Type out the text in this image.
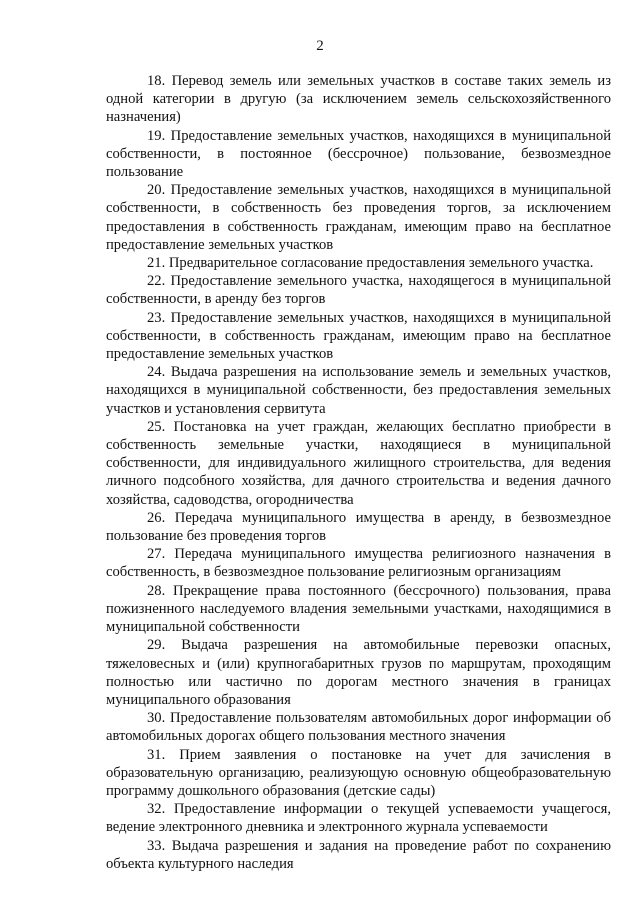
2

18. Перевод земель или земельных участков в составе таких земель из одной категории в другую (за исключением земель сельскохозяйственного назначения)

19. Предоставление земельных участков, находящихся в муниципальной собственности, в постоянное (бессрочное) пользование, безвозмездное пользование

20. Предоставление земельных участков, находящихся в муниципальной собственности, в собственность без проведения торгов, за исключением предоставления в собственность гражданам, имеющим право на бесплатное предоставление земельных участков

21. Предварительное согласование предоставления земельного участка.

22. Предоставление земельного участка, находящегося в муниципальной собственности, в аренду без торгов

23. Предоставление земельных участков, находящихся в муниципальной собственности, в собственность гражданам, имеющим право на бесплатное предоставление земельных участков

24. Выдача разрешения на использование земель и земельных участков, находящихся в муниципальной собственности, без предоставления земельных участков и установления сервитута

25. Постановка на учет граждан, желающих бесплатно приобрести в собственность земельные участки, находящиеся в муниципальной собственности, для индивидуального жилищного строительства, для ведения личного подсобного хозяйства, для дачного строительства и ведения дачного хозяйства, садоводства, огородничества

26. Передача муниципального имущества в аренду, в безвозмездное пользование без проведения торгов

27. Передача муниципального имущества религиозного назначения в собственность, в безвозмездное пользование религиозным организациям

28. Прекращение права постоянного (бессрочного) пользования, права пожизненного наследуемого владения земельными участками, находящимися в муниципальной собственности

29. Выдача разрешения на автомобильные перевозки опасных, тяжеловесных и (или) крупногабаритных грузов по маршрутам, проходящим полностью или частично по дорогам местного значения в границах муниципального образования

30. Предоставление пользователям автомобильных дорог информации об автомобильных дорогах общего пользования местного значения

31. Прием заявления о постановке на учет для зачисления в образовательную организацию, реализующую основную общеобразовательную программу дошкольного образования (детские сады)

32. Предоставление информации о текущей успеваемости учащегося, ведение электронного дневника и электронного журнала успеваемости

33. Выдача разрешения и задания на проведение работ по сохранению объекта культурного наследия
